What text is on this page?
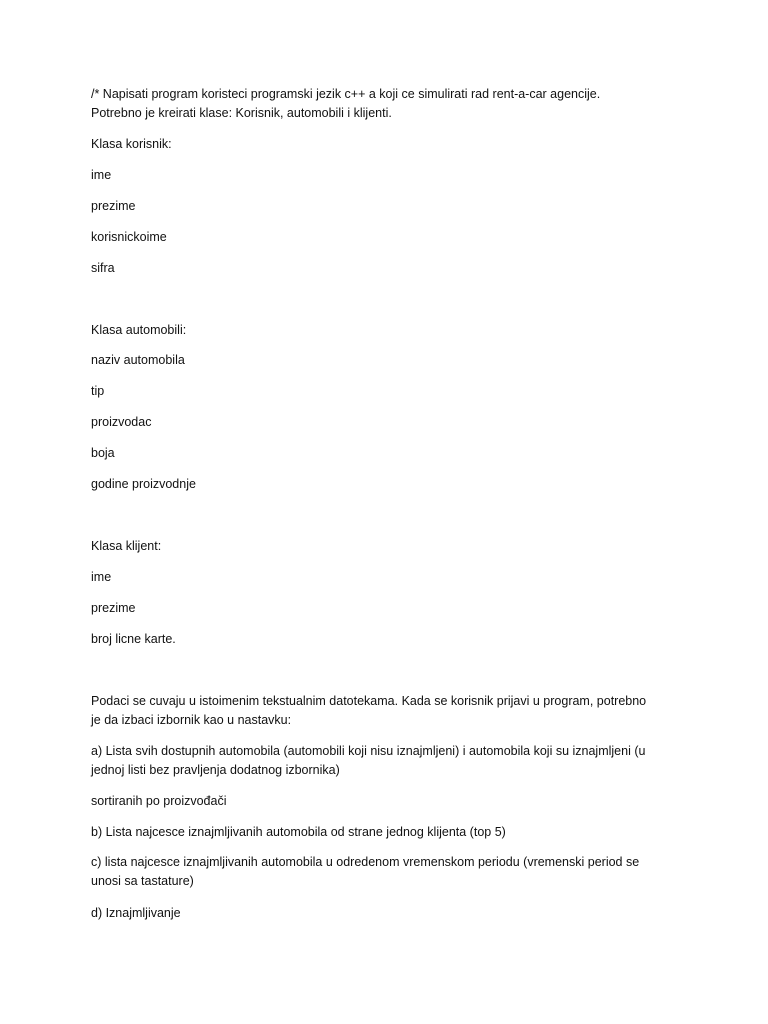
/* Napisati program koristeci programski jezik c++ a koji ce simulirati rad rent-a-car agencije.
Potrebno je kreirati klase: Korisnik, automobili i klijenti.
Klasa korisnik:
ime
prezime
korisnickoime
sifra
Klasa automobili:
naziv automobila
tip
proizvodac
boja
godine proizvodnje
Klasa klijent:
ime
prezime
broj licne karte.
Podaci se cuvaju u istoimenim tekstualnim datotekama. Kada se korisnik prijavi u program, potrebno
je da izbaci izbornik kao u nastavku:
a) Lista svih dostupnih automobila (automobili koji nisu iznajmljeni) i automobila koji su iznajmljeni (u
jednoj listi bez pravljenja dodatnog izbornika)
sortiranih po proizvođači
b) Lista najcesce iznajmljivanih automobila od strane jednog klijenta (top 5)
c) lista najcesce iznajmljivanih automobila u odredenom vremenskom periodu (vremenski period se
unosi sa tastature)
d) Iznajmljivanje
